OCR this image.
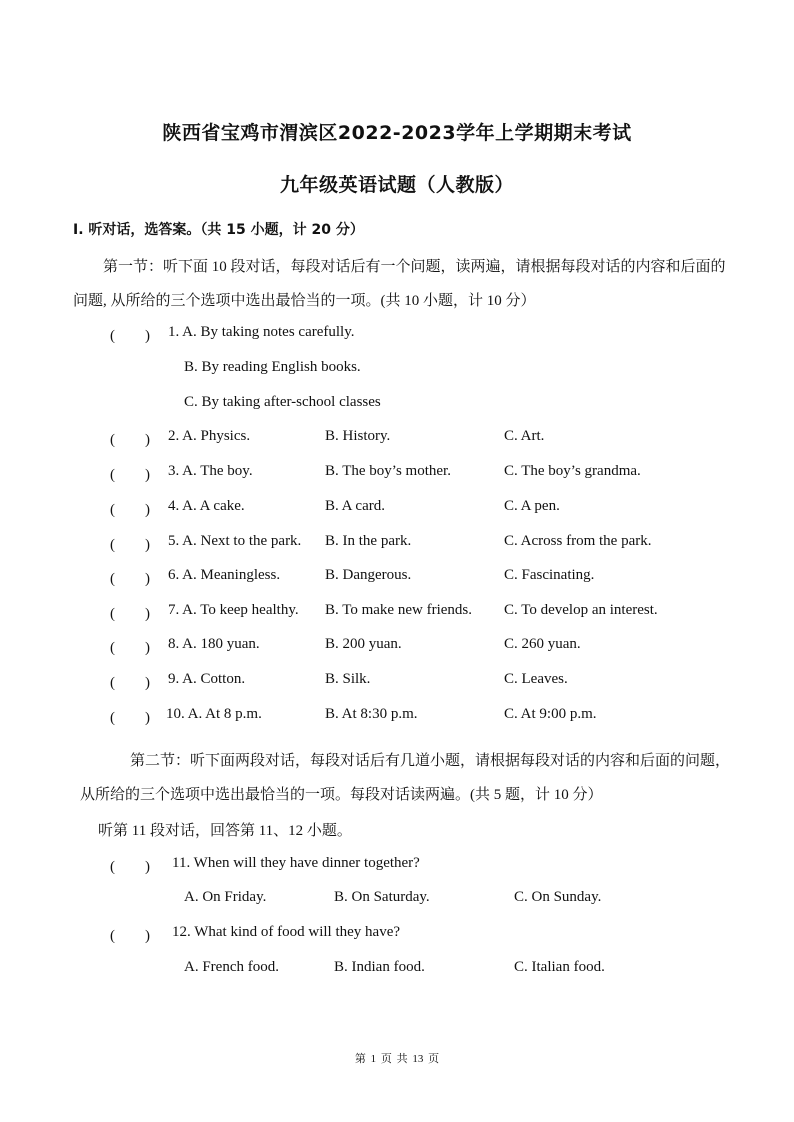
陕西省宝鸡市渭滨区2022-2023学年上学期期末考试
九年级英语试题（人教版）
Ⅰ. 听对话，选答案。（共 15 小题，计 20 分）
第一节：听下面 10 段对话，每段对话后有一个问题，读两遍，请根据每段对话的内容和后面的问题, 从所给的三个选项中选出最恰当的一项。(共 10 小题，计 10 分）
(　　) 1. A. By taking notes carefully.
B. By reading English books.
C. By taking after-school classes
(　　) 2. A. Physics.	B. History.	C. Art.
(　　) 3. A. The boy.	B. The boy’s mother.	C. The boy’s grandma.
(　　) 4. A. A cake.	B. A card.	C. A pen.
(　　) 5. A. Next to the park. B. In the park.	C. Across from the park.
(　　) 6. A. Meaningless.	B. Dangerous.	C. Fascinating.
(　　) 7. A. To keep healthy. B. To make new friends. C. To develop an interest.
(　　) 8. A. 180 yuan.	B. 200 yuan.	C. 260 yuan.
(　　) 9. A. Cotton.	B. Silk.	C. Leaves.
(　　) 10. A. At 8 p.m.	B. At 8:30 p.m.	C. At 9:00 p.m.
第二节：听下面两段对话，每段对话后有几道小题，请根据每段对话的内容和后面的问题，从所给的三个选项中选出最恰当的一项。每段对话读两遍。(共 5 题，计 10 分）
听第 11 段对话，回答第 11、12 小题。
(　　) 11. When will they have dinner together?
A. On Friday.	B. On Saturday.	C. On Sunday.
(　　) 12. What kind of food will they have?
A. French food.	B. Indian food.	C. Italian food.
第 1 页 共 13 页
